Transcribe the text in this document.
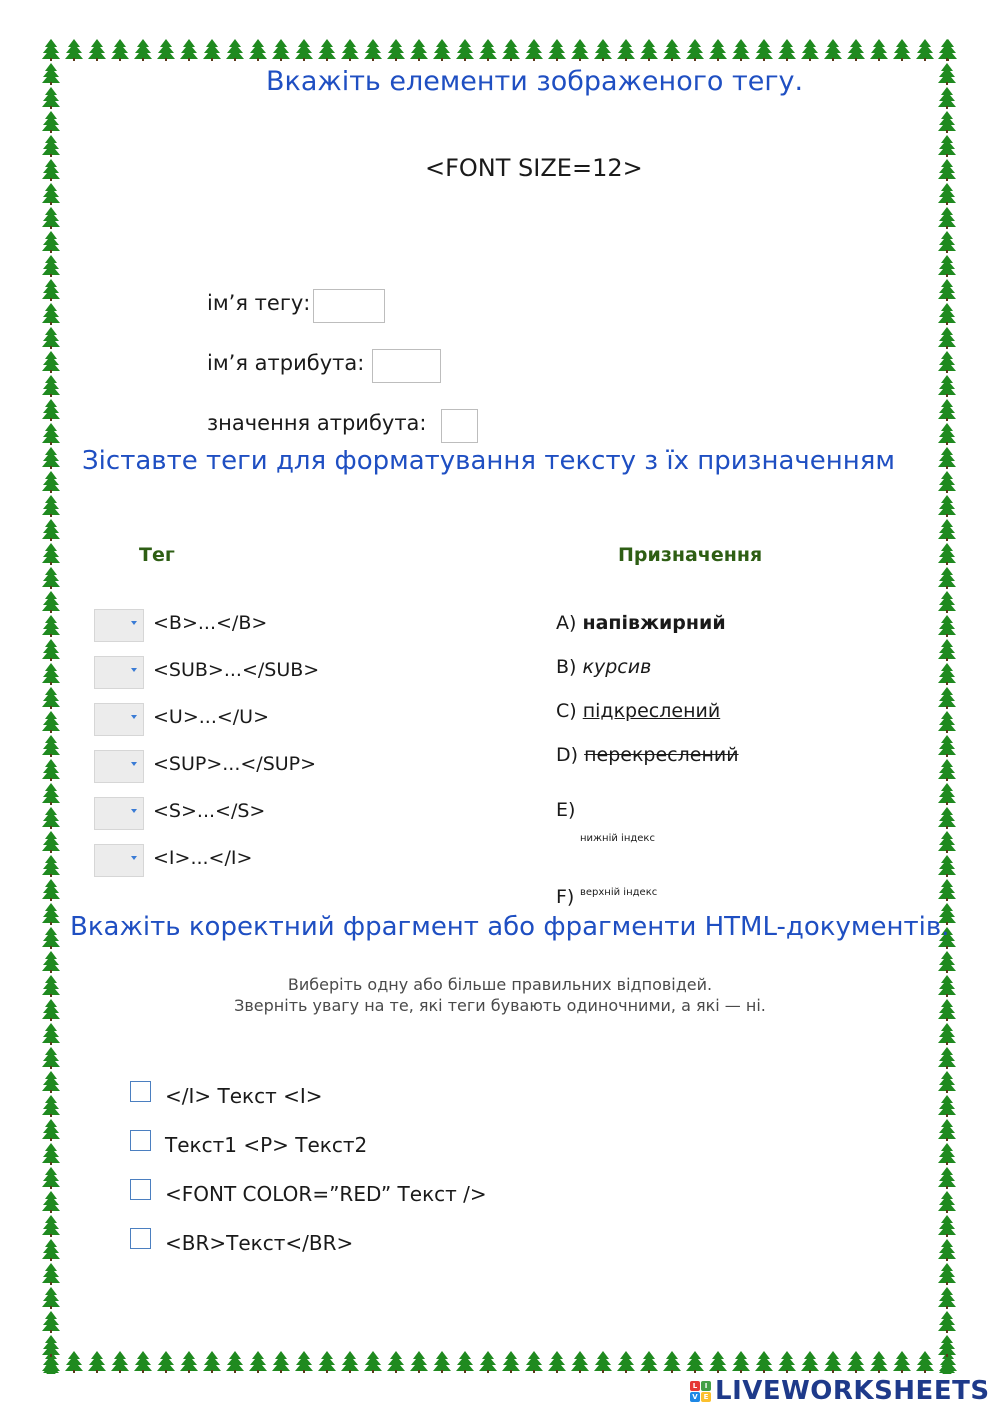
Вкажіть елементи зображеного тегу.
<FONT SIZE=12>
ім’я тегу:
ім’я атрибута:
значення атрибута:
Зіставте теги для форматування тексту з їх призначенням
Тег	Призначення
<B>...</B>
<SUB>...</SUB>
<U>...</U>
<SUP>...</SUP>
<S>...</S>
<I>...</I>
A) напівжирний
B) курсив
C) підкреслений
D) перекреслений
E)
нижній індекс
F) верхній індекс
Вкажіть коректний фрагмент або фрагменти HTML-документів.
Виберіть одну або більше правильних відповідей.
Зверніть увагу на те, які теги бувають одиночними, а які — ні.
</I> Текст <I>
Текст1 <P> Текст2
<FONT COLOR=”RED” Текст />
<BR>Текст</BR>
L	I
V E LIVEWORKSHEETS
